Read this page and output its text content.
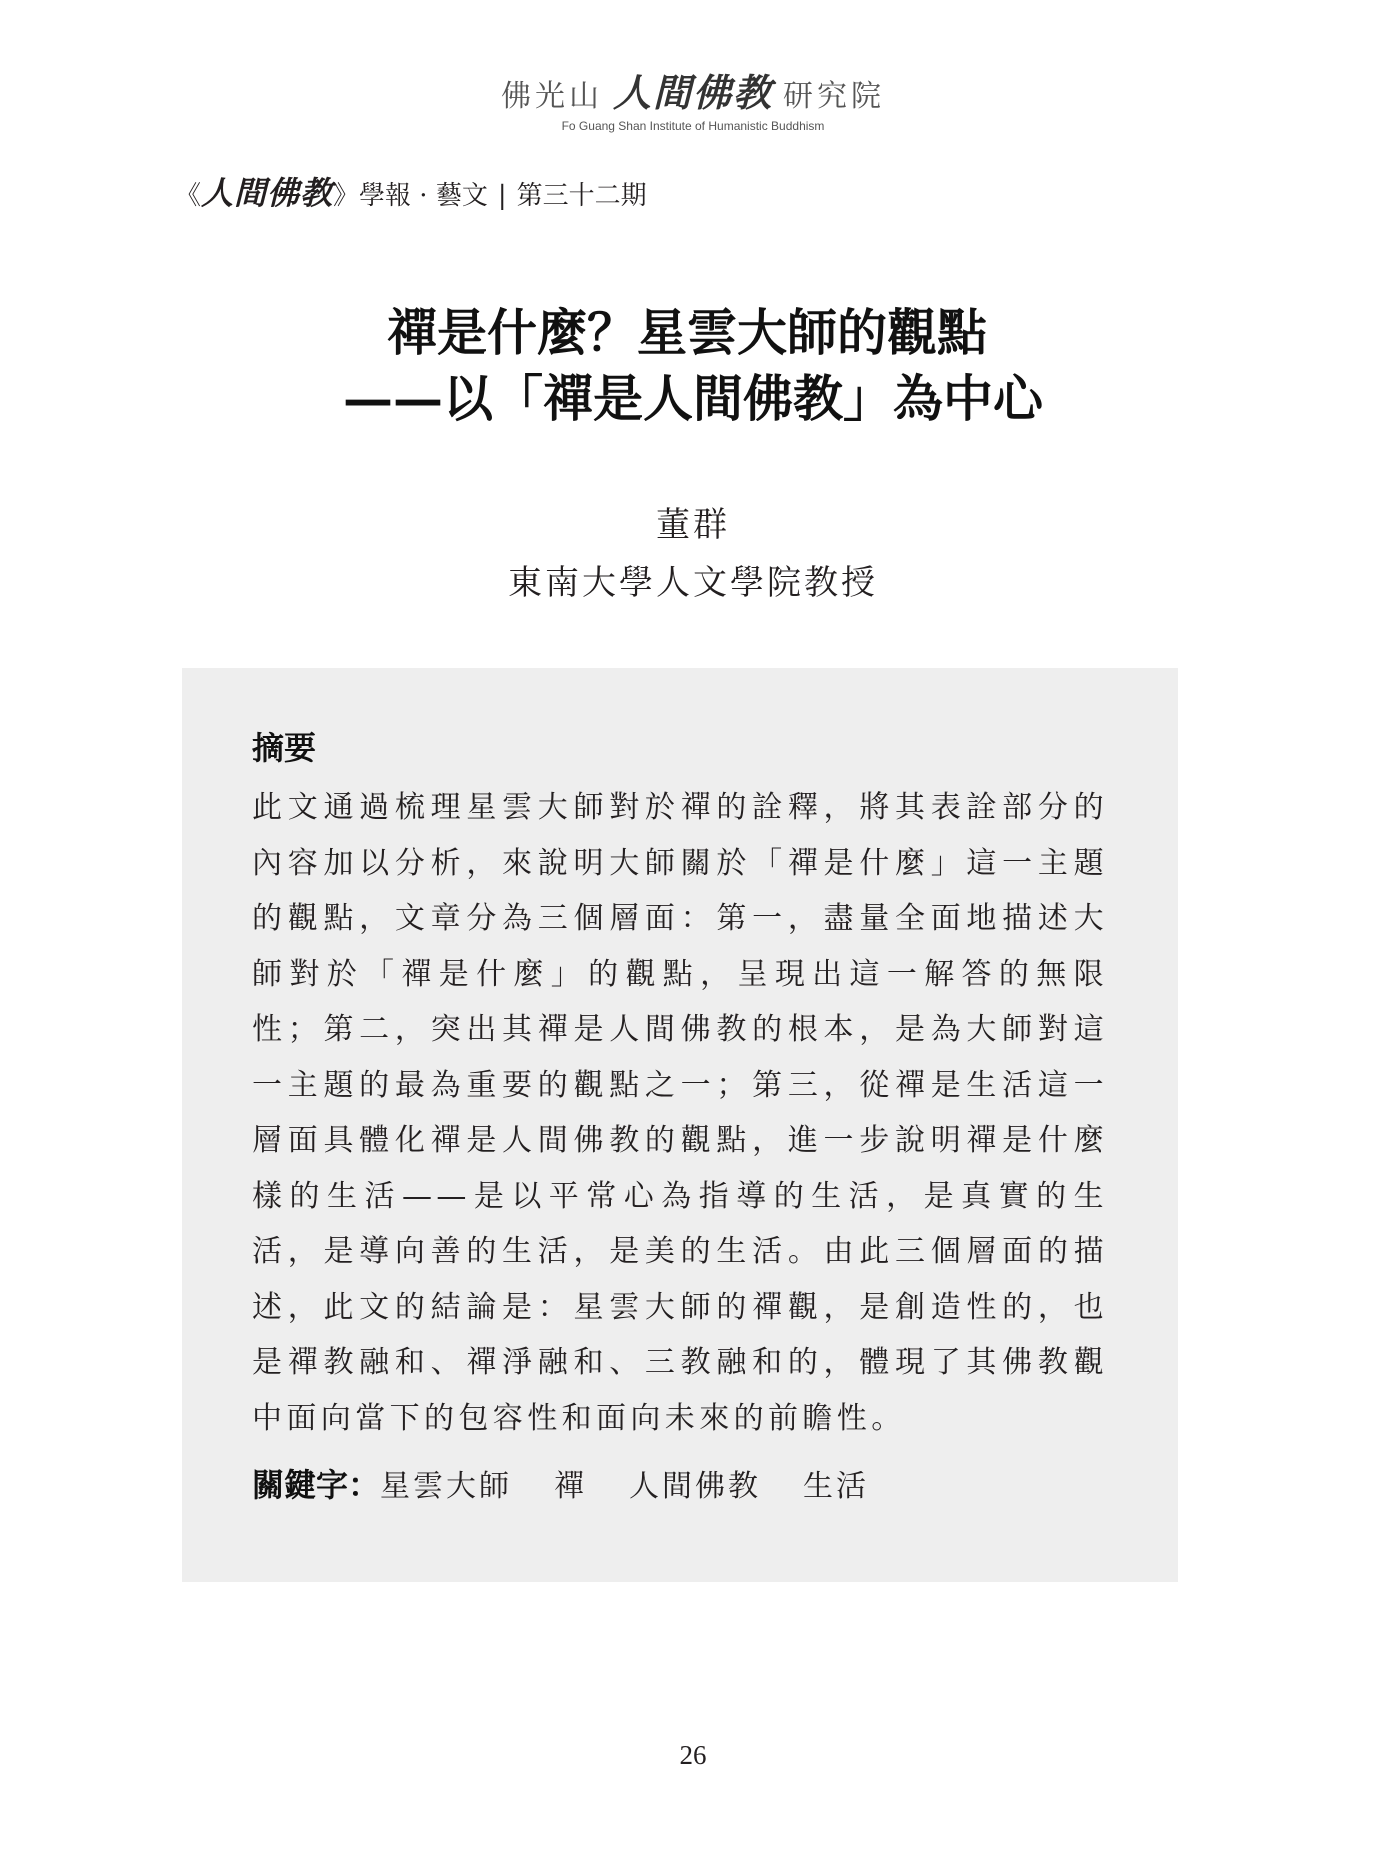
佛光山 人間佛教 研究院
Fo Guang Shan Institute of Humanistic Buddhism
《 人間佛教 》 學報 · 藝文 | 第三十二期
禪是什麼？星雲大師的觀點
——以「禪是人間佛教」為中心
董群
東南大學人文學院教授
摘要

此文通過梳理星雲大師對於禪的詮釋，將其表詮部分的內容加以分析，來說明大師關於「禪是什麼」這一主題的觀點，文章分為三個層面：第一，盡量全面地描述大師對於「禪是什麼」的觀點，呈現出這一解答的無限性；第二，突出其禪是人間佛教的根本，是為大師對這一主題的最為重要的觀點之一；第三，從禪是生活這一層面具體化禪是人間佛教的觀點，進一步說明禪是什麼樣的生活——是以平常心為指導的生活，是真實的生活，是導向善的生活，是美的生活。由此三個層面的描述，此文的結論是：星雲大師的禪觀，是創造性的，也是禪教融和、禪淨融和、三教融和的，體現了其佛教觀中面向當下的包容性和面向未來的前瞻性。

關鍵字： 星雲大師 禪 人間佛教 生活
26
